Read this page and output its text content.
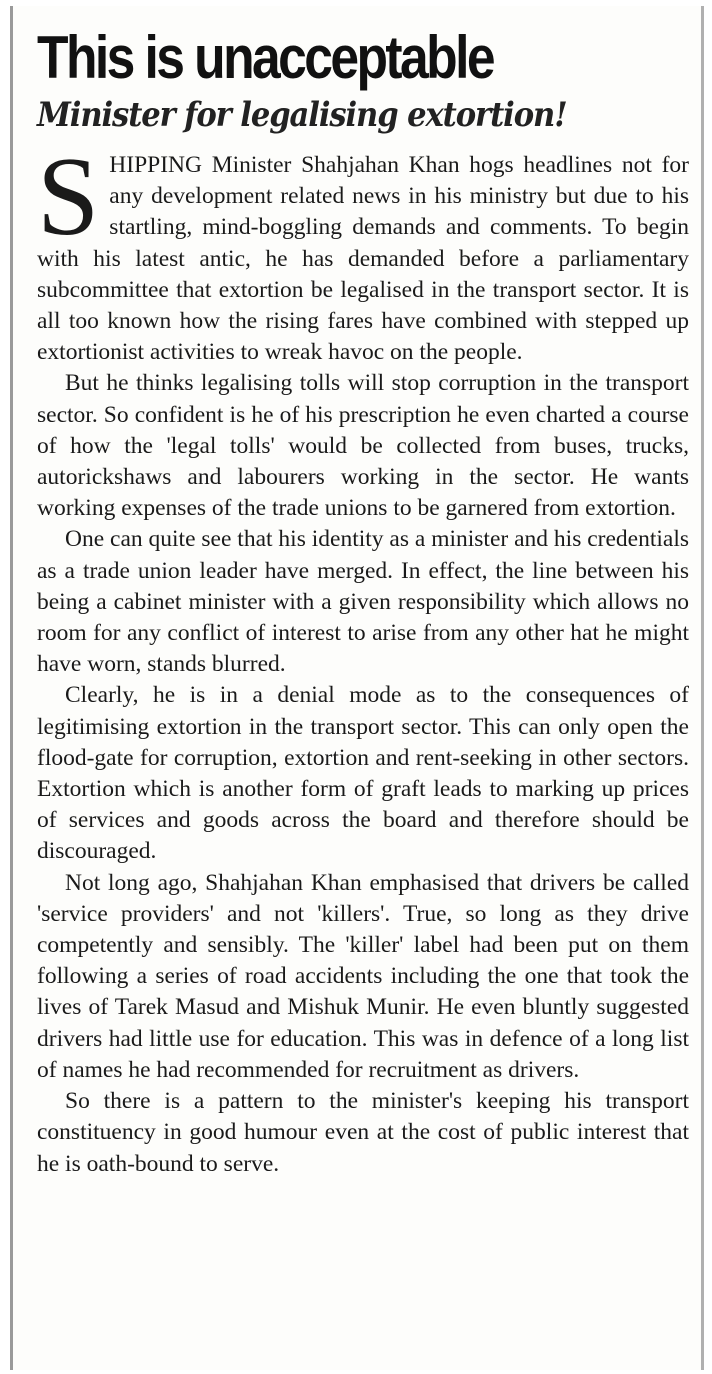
This is unacceptable
Minister for legalising extortion!

SHIPPING Minister Shahjahan Khan hogs headlines not for any development related news in his ministry but due to his startling, mind-boggling demands and comments. To begin with his latest antic, he has demanded before a parliamentary subcommittee that extortion be legalised in the transport sector. It is all too known how the rising fares have combined with stepped up extortionist activities to wreak havoc on the people.

But he thinks legalising tolls will stop corruption in the transport sector. So confident is he of his prescription he even charted a course of how the 'legal tolls' would be collected from buses, trucks, autorickshaws and labourers working in the sector. He wants working expenses of the trade unions to be garnered from extortion.

One can quite see that his identity as a minister and his credentials as a trade union leader have merged. In effect, the line between his being a cabinet minister with a given responsibility which allows no room for any conflict of interest to arise from any other hat he might have worn, stands blurred.

Clearly, he is in a denial mode as to the consequences of legitimising extortion in the transport sector. This can only open the flood-gate for corruption, extortion and rent-seeking in other sectors. Extortion which is another form of graft leads to marking up prices of services and goods across the board and therefore should be discouraged.

Not long ago, Shahjahan Khan emphasised that drivers be called 'service providers' and not 'killers'. True, so long as they drive competently and sensibly. The 'killer' label had been put on them following a series of road accidents including the one that took the lives of Tarek Masud and Mishuk Munir. He even bluntly suggested drivers had little use for education. This was in defence of a long list of names he had recommended for recruitment as drivers.

So there is a pattern to the minister's keeping his transport constituency in good humour even at the cost of public interest that he is oath-bound to serve.
